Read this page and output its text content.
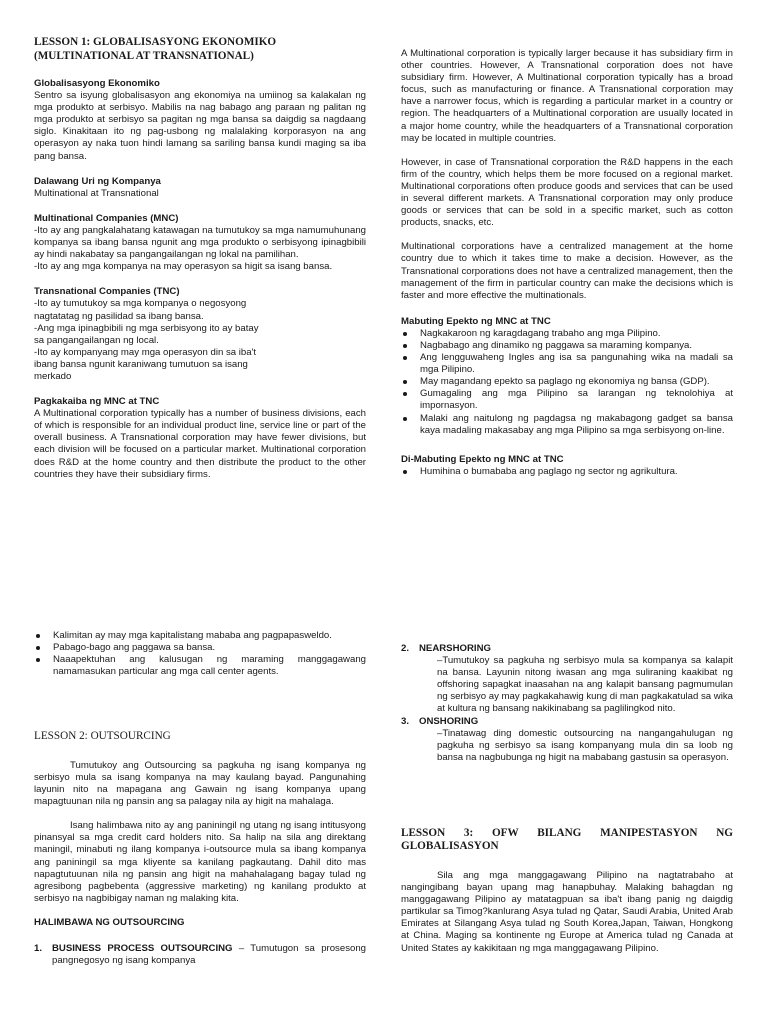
LESSON 1: GLOBALISASYONG EKONOMIKO

(MULTINATIONAL AT TRANSNATIONAL)

Globalisasyong Ekonomiko

Sentro sa isyung globalisasyon ang ekonomiya na umiinog sa kalakalan ng mga produkto at serbisyo. Mabilis na nag babago ang paraan ng palitan ng mga produkto at serbisyo sa pagitan ng mga bansa sa daigdig sa nagdaang siglo. Kinakitaan ito ng pag-usbong ng malalaking korporasyon na ang operasyon ay naka tuon hindi lamang sa sariling bansa kundi maging sa iba pang bansa.

Dalawang Uri ng Kompanya

Multinational at Transnational

Multinational Companies (MNC)

-Ito ay ang pangkalahatang katawagan na tumutukoy sa mga namumuhunang kompanya sa ibang bansa ngunit ang mga produkto o serbisyong ipinagbibili ay hindi nakabatay sa pangangailangan ng lokal na pamilihan.

-Ito ay ang mga kompanya na may operasyon sa higit sa isang bansa.

Transnational Companies (TNC)

-Ito ay tumutukoy sa mga kompanya o negosyong nagtatatag ng pasilidad sa ibang bansa.

-Ang mga ipinagbibili ng mga serbisyong ito ay batay sa pangangailangan ng local.

-Ito ay kompanyang may mga operasyon din sa iba't ibang bansa ngunit karaniwang tumutuon sa isang merkado

Pagkakaiba ng MNC at TNC

A Multinational corporation typically has a number of business divisions, each of which is responsible for an individual product line, service line or part of the overall business. A Transnational corporation may have fewer divisions, but each division will be focused on a particular market. Multinational corporation does R&D at the home country and then distribute the product to the other countries they have their subsidiary firms.

A Multinational corporation is typically larger because it has subsidiary firm in other countries. However, A Transnational corporation does not have subsidiary firm. However, A Multinational corporation typically has a broad focus, such as manufacturing or finance. A Transnational corporation may have a narrower focus, which is regarding a particular market in a country or region. The headquarters of a Multinational corporation are usually located in a major home country, while the headquarters of a Transnational corporation may be located in multiple countries.

However, in case of Transnational corporation the R&D happens in the each firm of the country, which helps them be more focused on a regional market. Multinational corporations often produce goods and services that can be used in several different markets. A Transnational corporation may only produce goods or services that can be sold in a specific market, such as cotton products, snacks, etc.

Multinational corporations have a centralized management at the home country due to which it takes time to make a decision. However, as the Transnational corporations does not have a centralized management, then the management of the firm in particular country can make the decisions which is faster and more effective the multinationals.

Mabuting Epekto ng MNC at TNC
Nagkakaroon ng karagdagang trabaho ang mga Pilipino.
Nagbabago ang dinamiko ng paggawa sa maraming kompanya.
Ang lengguwaheng Ingles ang isa sa pangunahing wika na madali sa mga Pilipino.
May magandang epekto sa paglago ng ekonomiya ng bansa (GDP).
Gumagaling ang mga Pilipino sa larangan ng teknolohiya at impornasyon.
Malaki ang naitulong ng pagdagsa ng makabagong gadget sa bansa kaya madaling makasabay ang mga Pilipino sa mga serbisyong on-line.
Di-Mabuting Epekto ng MNC at TNC
Humihina o bumababa ang paglago ng sector ng agrikultura.
Kalimitan ay may mga kapitalistang mababa ang pagpapasweldo.
Pabago-bago ang paggawa sa bansa.
Naaapektuhan ang kalusugan ng maraming manggagawang namamasukan particular ang mga call center agents.

LESSON 2: OUTSOURCING

Tumutukoy ang Outsourcing sa pagkuha ng isang kompanya ng serbisyo mula sa isang kompanya na may kaulang bayad. Pangunahing layunin nito na mapagana ang Gawain ng isang kompanya upang mapagtuunan nila ng pansin ang sa palagay nila ay higit na mahalaga.

Isang halimbawa nito ay ang paniningil ng utang ng isang intitusyong pinansyal sa mga credit card holders nito. Sa halip na sila ang direktang maningil, minabuti ng ilang kompanya i-outsource mula sa ibang kompanya ang paniningil sa mga kliyente sa kanilang pagkautang. Dahil dito mas napagtutuunan nila ng pansin ang higit na mahahalagang bagay tulad ng agresibong pagbebenta (aggressive marketing) ng kanilang produkto at serbisyo na nagbibigay naman ng malaking kita.

HALIMBAWA NG OUTSOURCING
1. BUSINESS PROCESS OUTSOURCING – Tumutugon sa prosesong pangnegosyo ng isang kompanya

2. NEARSHORING

–Tumutukoy sa pagkuha ng serbisyo mula sa kompanya sa kalapit na bansa. Layunin nitong iwasan ang mga suliraning kaakibat ng offshoring sapagkat inaasahan na ang kalapit bansang pagmumulan ng serbisyo ay may pagkakahawig kung di man pagkakatulad sa wika at kultura ng bansang nakikinabang sa paglilingkod nito.

3. ONSHORING

–Tinatawag ding domestic outsourcing na nangangahulugan ng pagkuha ng serbisyo sa isang kompanyang mula din sa loob ng bansa na nagbubunga ng higit na mababang gastusin sa operasyon.

LESSON 3: OFW BILANG MANIPESTASYON NG

GLOBALISASYON

Sila ang mga manggagawang Pilipino na nagtatrabaho at nangingibang bayan upang mag hanapbuhay. Malaking bahagdan ng manggagawang Pilipino ay matatagpuan sa iba't ibang panig ng daigdig partikular sa Timog?kanlurang Asya tulad ng Qatar, Saudi Arabia, United Arab Emirates at Silangang Asya tulad ng South Korea,Japan, Taiwan, Hongkong at China. Maging sa kontinente ng Europe at America tulad ng Canada at United States ay kakikitaan ng mga manggagawang Pilipino.
